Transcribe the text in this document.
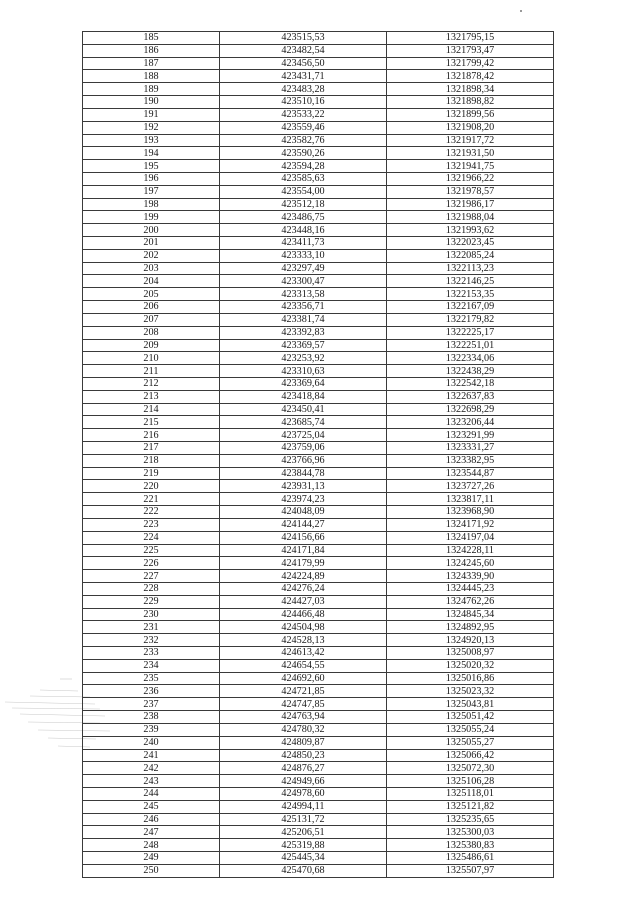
185	423515,53	1321795,15
186	423482,54	1321793,47
187	423456,50	1321799,42
188	423431,71	1321878,42
189	423483,28	1321898,34
190	423510,16	1321898,82
191	423533,22	1321899,56
192	423559,46	1321908,20
193	423582,76	1321917,72
194	423590,26	1321931,50
195	423594,28	1321941,75
196	423585,63	1321966,22
197	423554,00	1321978,57
198	423512,18	1321986,17
199	423486,75	1321988,04
200	423448,16	1321993,62
201	423411,73	1322023,45
202	423333,10	1322085,24
203	423297,49	1322113,23
204	423300,47	1322146,25
205	423313,58	1322153,35
206	423356,71	1322167,09
207	423381,74	1322179,82
208	423392,83	1322225,17
209	423369,57	1322251,01
210	423253,92	1322334,06
211	423310,63	1322438,29
212	423369,64	1322542,18
213	423418,84	1322637,83
214	423450,41	1322698,29
215	423685,74	1323206,44
216	423725,04	1323291,99
217	423759,06	1323331,27
218	423766,96	1323382,95
219	423844,78	1323544,87
220	423931,13	1323727,26
221	423974,23	1323817,11
222	424048,09	1323968,90
223	424144,27	1324171,92
224	424156,66	1324197,04
225	424171,84	1324228,11
226	424179,99	1324245,60
227	424224,89	1324339,90
228	424276,24	1324445,23
229	424427,03	1324762,26
230	424466,48	1324845,34
231	424504,98	1324892,95
232	424528,13	1324920,13
233	424613,42	1325008,97
234	424654,55	1325020,32
235	424692,60	1325016,86
236	424721,85	1325023,32
237	424747,85	1325043,81
238	424763,94	1325051,42
239	424780,32	1325055,24
240	424809,87	1325055,27
241	424850,23	1325066,42
242	424876,27	1325072,30
243	424949,66	1325106,28
244	424978,60	1325118,01
245	424994,11	1325121,82
246	425131,72	1325235,65
247	425206,51	1325300,03
248	425319,88	1325380,83
249	425445,34	1325486,61
250	425470,68	1325507,97
